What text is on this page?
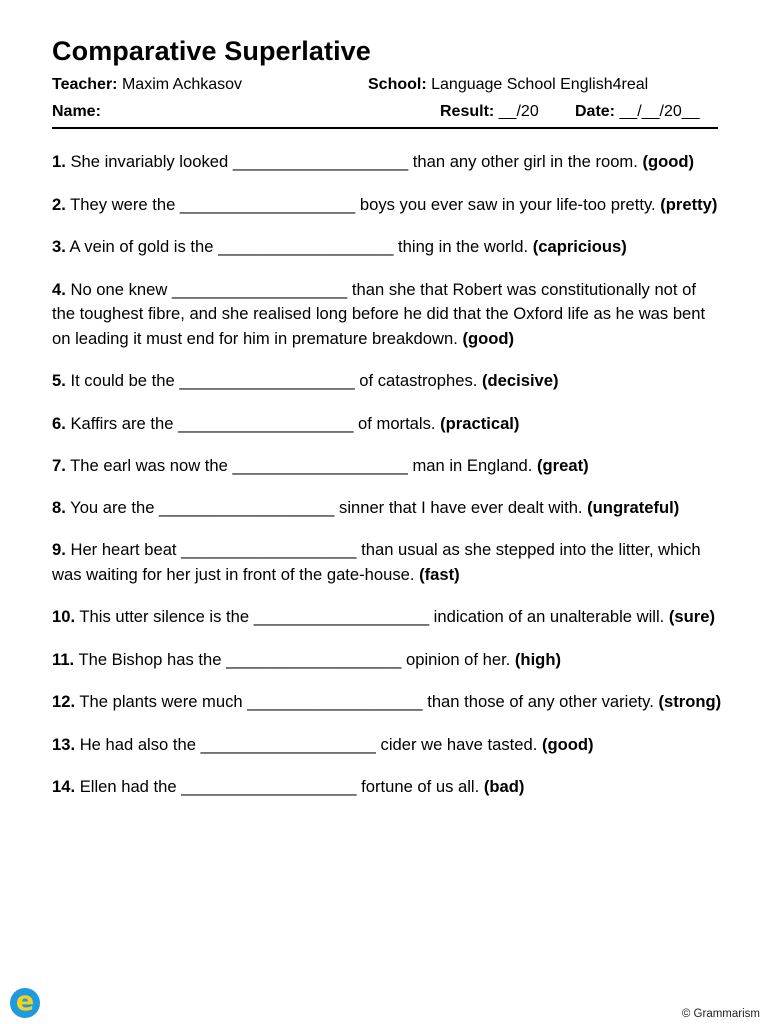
Comparative Superlative
Teacher: Maxim Achkasov	School: Language School English4real
Name:	Result: __/20 Date: __/__/20__

1. She invariably looked ___________________ than any other girl in the room. (good)

2. They were the ___________________ boys you ever saw in your life-too pretty. (pretty)

3. A vein of gold is the ___________________ thing in the world. (capricious)

4. No one knew ___________________ than she that Robert was constitutionally not of the toughest fibre, and she realised long before he did that the Oxford life as he was bent on leading it must end for him in premature breakdown. (good)

5. It could be the ___________________ of catastrophes. (decisive)

6. Kaffirs are the ___________________ of mortals. (practical)

7. The earl was now the ___________________ man in England. (great)

8. You are the ___________________ sinner that I have ever dealt with. (ungrateful)

9. Her heart beat ___________________ than usual as she stepped into the litter, which was waiting for her just in front of the gate-house. (fast)

10. This utter silence is the ___________________ indication of an unalterable will. (sure)

11. The Bishop has the ___________________ opinion of her. (high)

12. The plants were much ___________________ than those of any other variety. (strong)

13. He had also the ___________________ cider we have tasted. (good)

14. Ellen had the ___________________ fortune of us all. (bad)

e	© Grammarism
